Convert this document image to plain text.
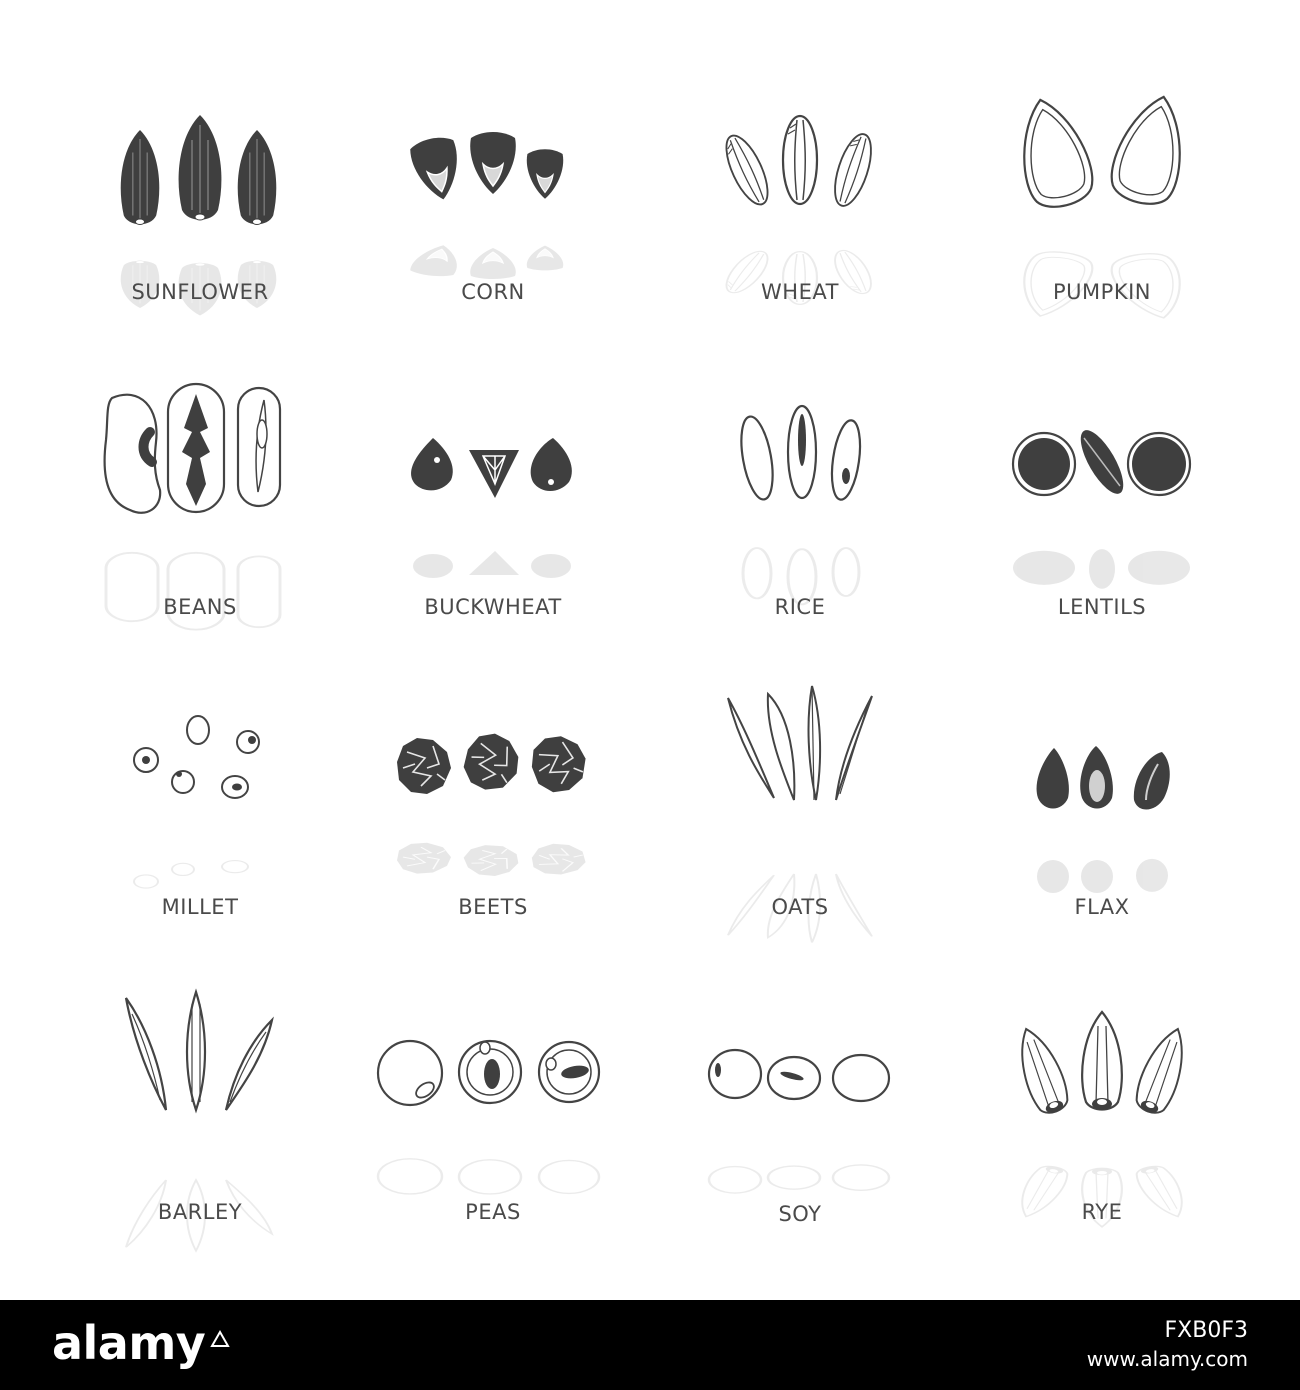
SUNFLOWER	CORN	WHEAT	PUMPKIN
BEANS	BUCKWHEAT	RICE	LENTILS
MILLET	BEETS	OATS	FLAX
BARLEY	PEAS	SOY	RYE
alamy	FXB0F3
www.alamy.com
